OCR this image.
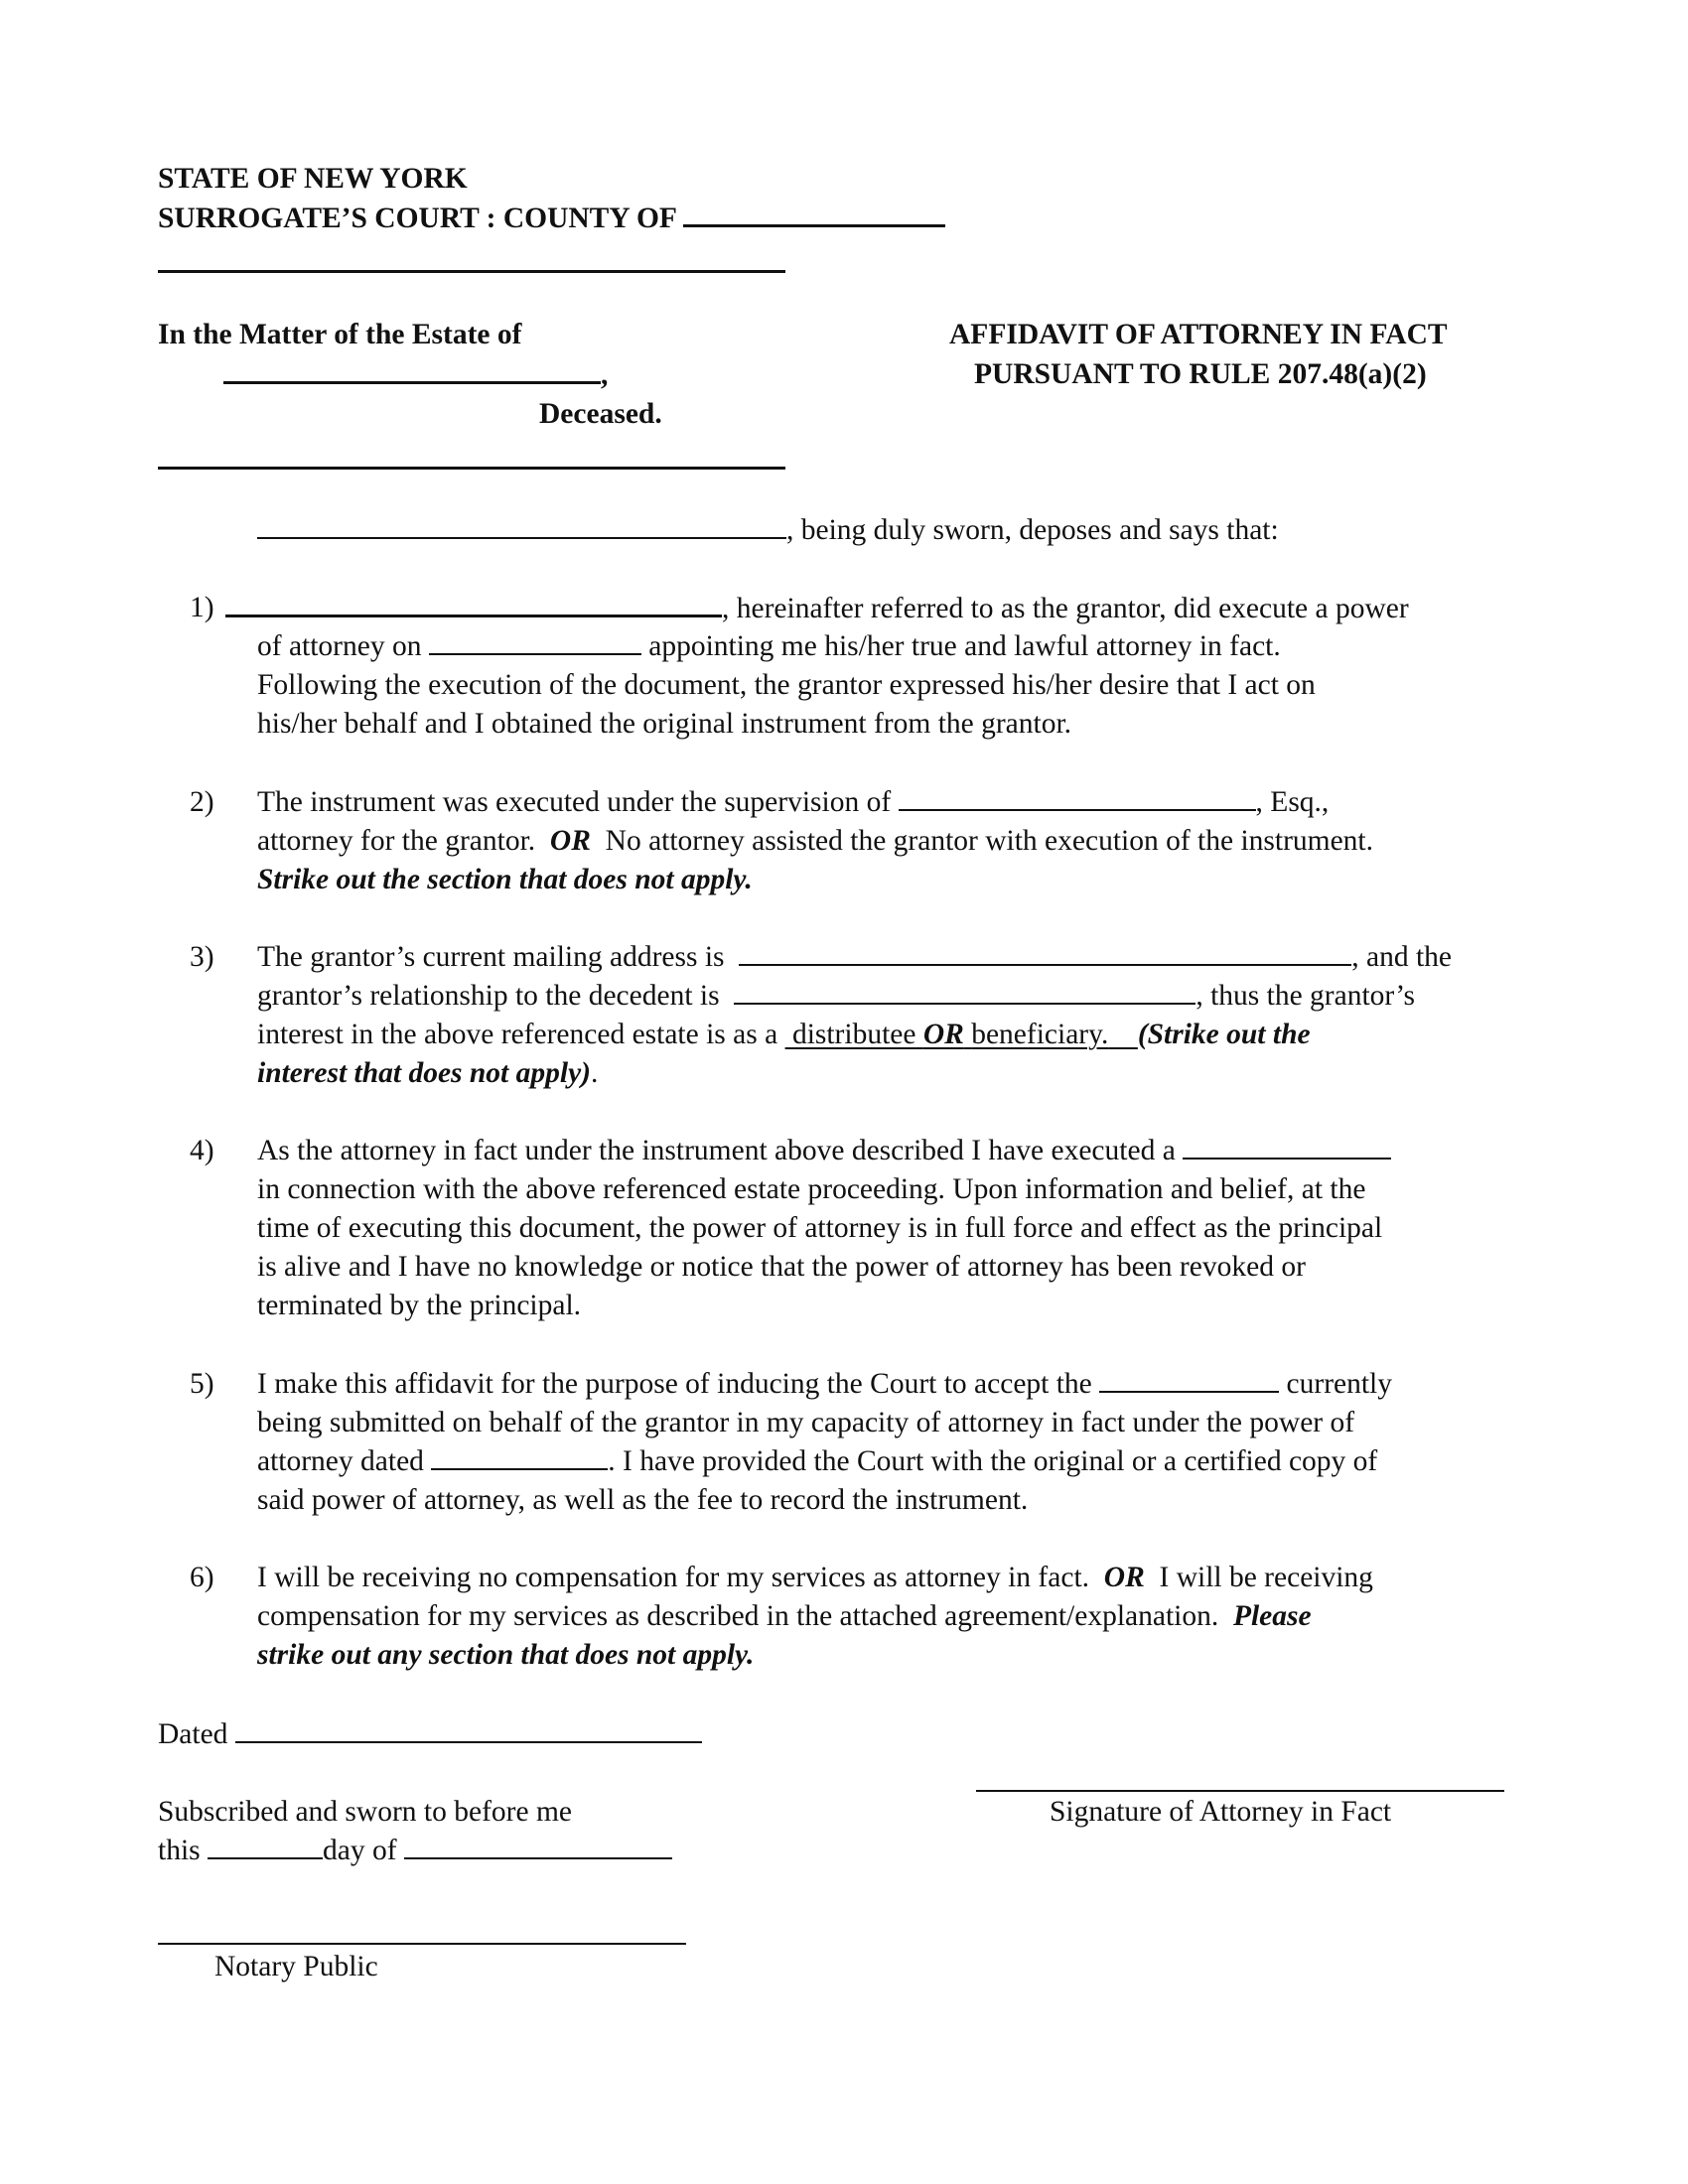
STATE OF NEW YORK
SURROGATE’S COURT : COUNTY OF
In the Matter of the Estate of
,
Deceased.
AFFIDAVIT OF ATTORNEY IN FACT
PURSUANT TO RULE 207.48(a)(2)
, being duly sworn, deposes and says that:
1)	, hereinafter referred to as the grantor, did execute a power
of attorney on	appointing me his/her true and lawful attorney in fact.
Following the execution of the document, the grantor expressed his/her desire that I act on
his/her behalf and I obtained the original instrument from the grantor.
2) The instrument was executed under the supervision of	, Esq.,
attorney for the grantor. OR No attorney assisted the grantor with execution of the instrument.
Strike out the section that does not apply.
3) The grantor’s current mailing address is	, and the
grantor’s relationship to the decedent is	, thus the grantor’s
interest in the above referenced estate is as a distributee OR beneficiary. (Strike out the
interest that does not apply).
4) As the attorney in fact under the instrument above described I have executed a
in connection with the above referenced estate proceeding. Upon information and belief, at the
time of executing this document, the power of attorney is in full force and effect as the principal
is alive and I have no knowledge or notice that the power of attorney has been revoked or
terminated by the principal.
5) I make this affidavit for the purpose of inducing the Court to accept the	currently
being submitted on behalf of the grantor in my capacity of attorney in fact under the power of
attorney dated	. I have provided the Court with the original or a certified copy of
said power of attorney, as well as the fee to record the instrument.
6) I will be receiving no compensation for my services as attorney in fact. OR I will be receiving
compensation for my services as described in the attached agreement/explanation. Please
strike out any section that does not apply.
Dated
Signature of Attorney in Fact
Subscribed and sworn to before me
this	day of
Notary Public
